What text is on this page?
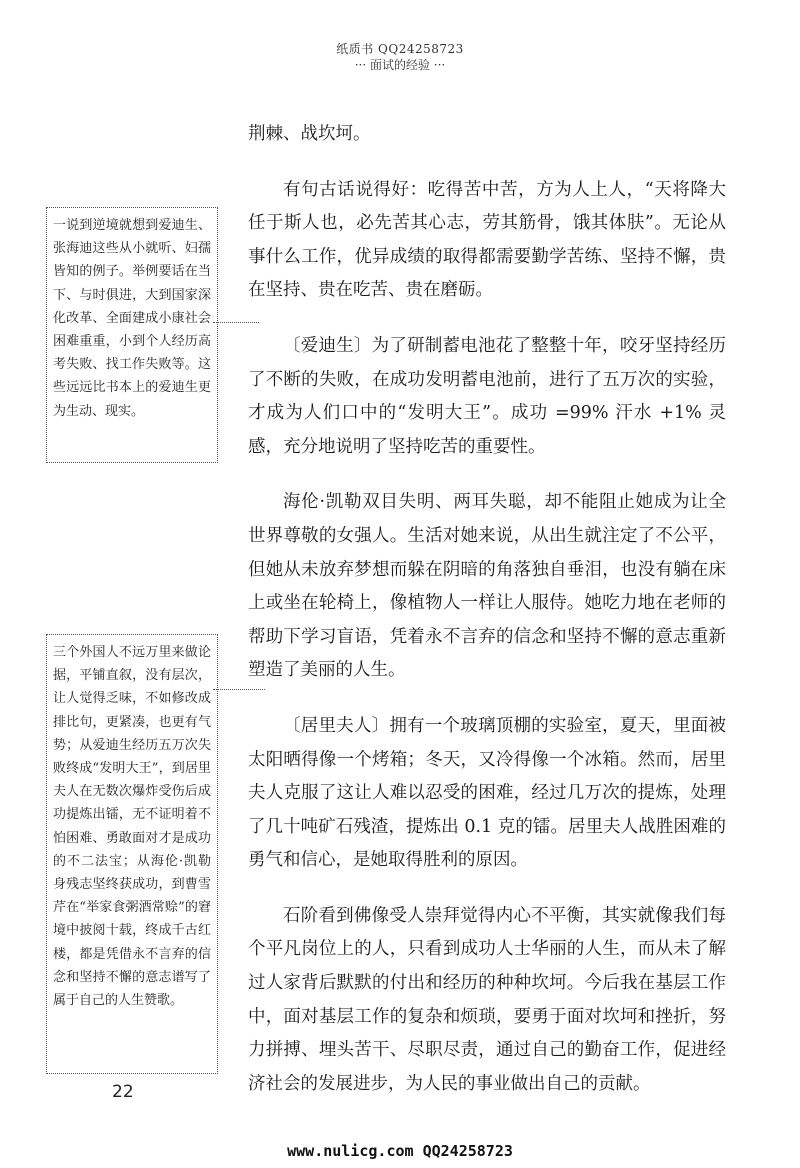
纸质书 QQ24258723
··· 面试的经验 ···

荆棘、战坎坷。

有句古话说得好：吃得苦中苦，方为人上人，“天将降大任于斯人也，必先苦其心志，劳其筋骨，饿其体肤”。无论从事什么工作，优异成绩的取得都需要勤学苦练、坚持不懈，贵在坚持、贵在吃苦、贵在磨砺。

〔爱迪生〕为了研制蓄电池花了整整十年，咬牙坚持经历了不断的失败，在成功发明蓄电池前，进行了五万次的实验，才成为人们口中的“发明大王”。成功 =99% 汗水 +1% 灵感，充分地说明了坚持吃苦的重要性。

海伦·凯勒双目失明、两耳失聪，却不能阻止她成为让全世界尊敬的女强人。生活对她来说，从出生就注定了不公平，但她从未放弃梦想而躲在阴暗的角落独自垂泪，也没有躺在床上或坐在轮椅上，像植物人一样让人服侍。她吃力地在老师的帮助下学习盲语，凭着永不言弃的信念和坚持不懈的意志重新塑造了美丽的人生。

〔居里夫人〕拥有一个玻璃顶棚的实验室，夏天，里面被太阳晒得像一个烤箱；冬天，又冷得像一个冰箱。然而，居里夫人克服了这让人难以忍受的困难，经过几万次的提炼，处理了几十吨矿石残渣，提炼出 0.1 克的镭。居里夫人战胜困难的勇气和信心，是她取得胜利的原因。

石阶看到佛像受人崇拜觉得内心不平衡，其实就像我们每个平凡岗位上的人，只看到成功人士华丽的人生，而从未了解过人家背后默默的付出和经历的种种坎坷。今后我在基层工作中，面对基层工作的复杂和烦琐，要勇于面对坎坷和挫折，努力拼搏、埋头苦干、尽职尽责，通过自己的勤奋工作，促进经济社会的发展进步，为人民的事业做出自己的贡献。

一说到逆境就想到爱迪生、张海迪这些从小就听、妇孺皆知的例子。举例要话在当下、与时俱进，大到国家深化改革、全面建成小康社会困难重重，小到个人经历高考失败、找工作失败等。这些远远比书本上的爱迪生更为生动、现实。
三个外国人不远万里来做论据，平铺直叙，没有层次，让人觉得乏味，不如修改成排比句，更紧凑，也更有气势；从爱迪生经历五万次失败终成“发明大王”，到居里夫人在无数次爆炸受伤后成功提炼出镭，无不证明着不怕困难、勇敢面对才是成功的不二法宝；从海伦·凯勒身残志坚终获成功，到曹雪芹在“举家食粥酒常赊”的窘境中披阅十载，终成千古红楼，都是凭借永不言弃的信念和坚持不懈的意志谱写了属于自己的人生赞歌。
22
www.nulicg.com QQ24258723
